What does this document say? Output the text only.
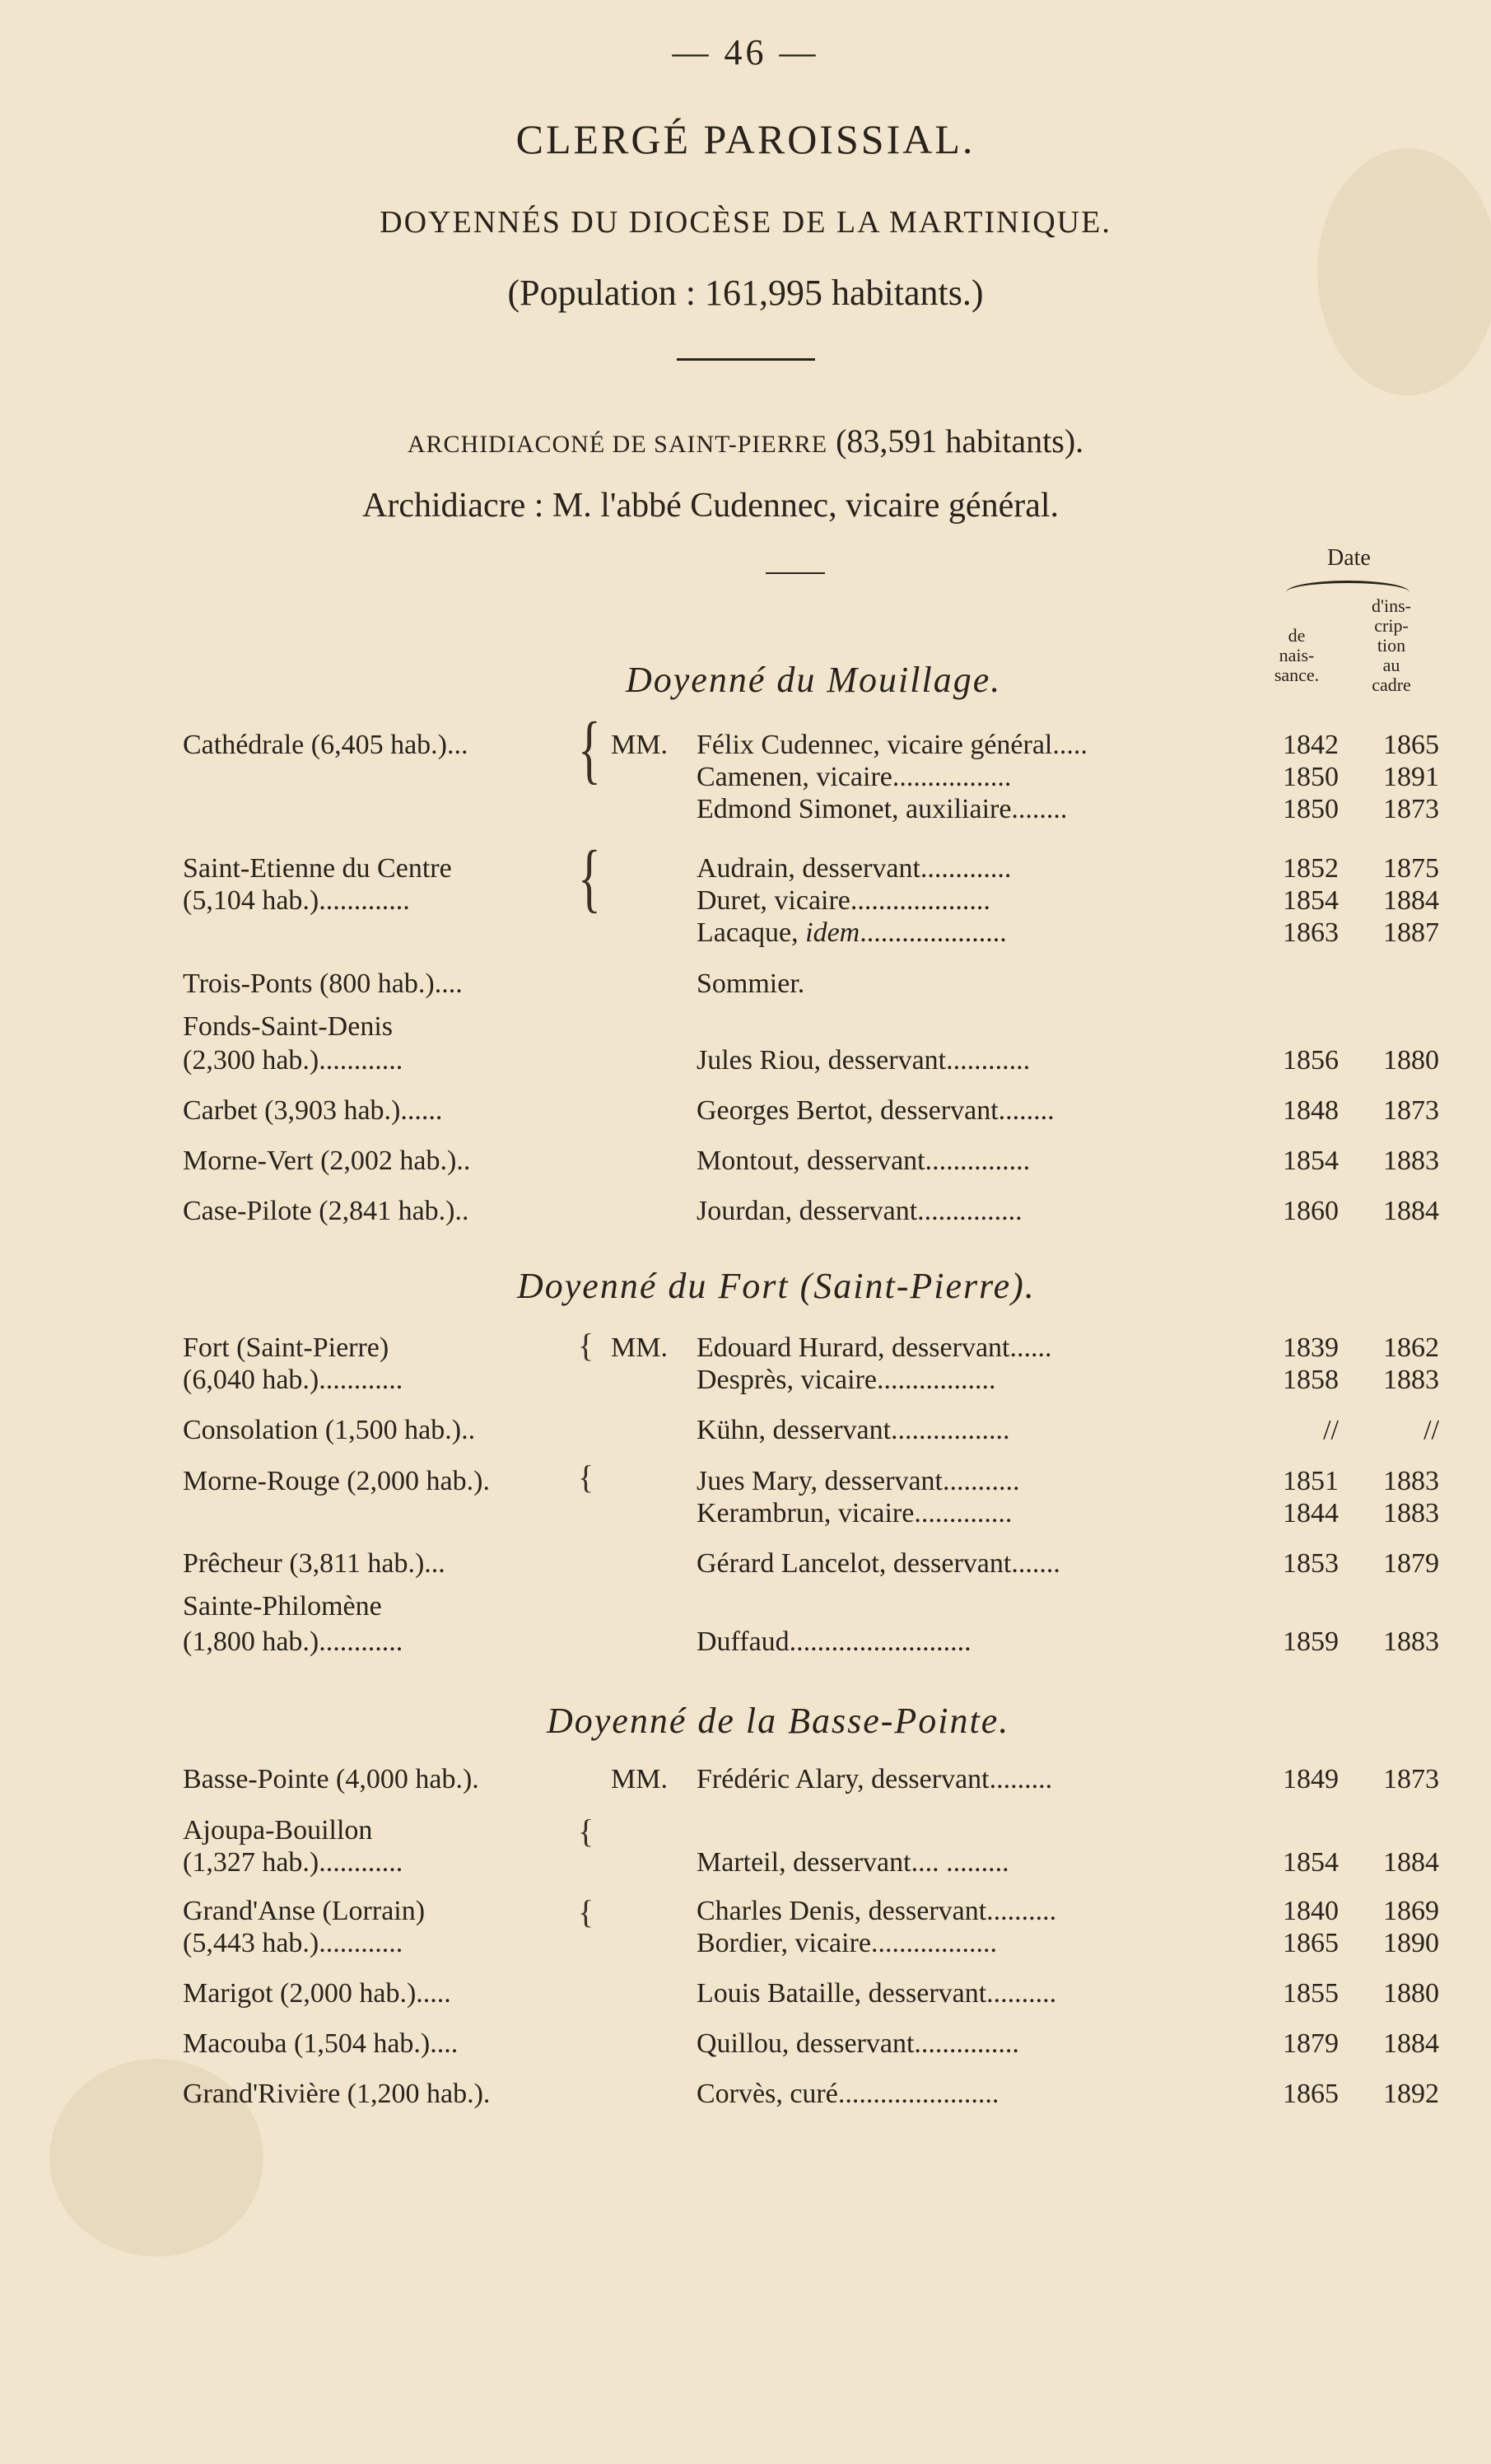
— 46 —
CLERGÉ PAROISSIAL.
DOYENNÉS DU DIOCÈSE DE LA MARTINIQUE.
(Population : 161,995 habitants.)
ARCHIDIACONÉ DE SAINT-PIERRE (83,591 habitants).
Archidiacre : M. l'abbé Cudennec, vicaire général.
Date
de
nais-
sance.
d'ins-
crip-
tion
au
cadre
Doyenné du Mouillage.
Cathédrale (6,405 hab.)...	MM. Félix Cudennec, vicaire général.....	1842	1865
Camenen, vicaire.................	1850	1891
Edmond Simonet, auxiliaire........	1850	1873
Saint-Etienne du Centre	Audrain, desservant.............	1852	1875
(5,104 hab.).............	Duret, vicaire....................	1854	1884
Lacaque, idem.....................	1863	1887
Trois-Ponts (800 hab.)....	Sommier.
Fonds-Saint-Denis
(2,300 hab.)............	Jules Riou, desservant............	1856	1880
Carbet (3,903 hab.)......	Georges Bertot, desservant........	1848	1873
Morne-Vert (2,002 hab.)..	Montout, desservant...............	1854	1883
Case-Pilote (2,841 hab.)..	Jourdan, desservant...............	1860	1884
Doyenné du Fort (Saint-Pierre).
Fort (Saint-Pierre)	MM. Edouard Hurard, desservant......	1839	1862
(6,040 hab.)............	Desprès, vicaire.................	1858	1883
Consolation (1,500 hab.)..	Kühn, desservant.................	//	//
Morne-Rouge (2,000 hab.).	Jues Mary, desservant...........	1851	1883
Kerambrun, vicaire..............	1844	1883
Prêcheur (3,811 hab.)...	Gérard Lancelot, desservant.......	1853	1879
Sainte-Philomène
(1,800 hab.)............	Duffaud..........................	1859	1883
Doyenné de la Basse-Pointe.
Basse-Pointe (4,000 hab.).	MM. Frédéric Alary, desservant.........	1849	1873
Ajoupa-Bouillon
(1,327 hab.)............	Marteil, desservant.... .........	1854	1884
Grand'Anse (Lorrain)	Charles Denis, desservant..........	1840	1869
(5,443 hab.)............	Bordier, vicaire..................	1865	1890
Marigot (2,000 hab.).....	Louis Bataille, desservant..........	1855	1880
Macouba (1,504 hab.)....	Quillou, desservant...............	1879	1884
Grand'Rivière (1,200 hab.).	Corvès, curé.......................	1865	1892
{
{
{
{
{
{
